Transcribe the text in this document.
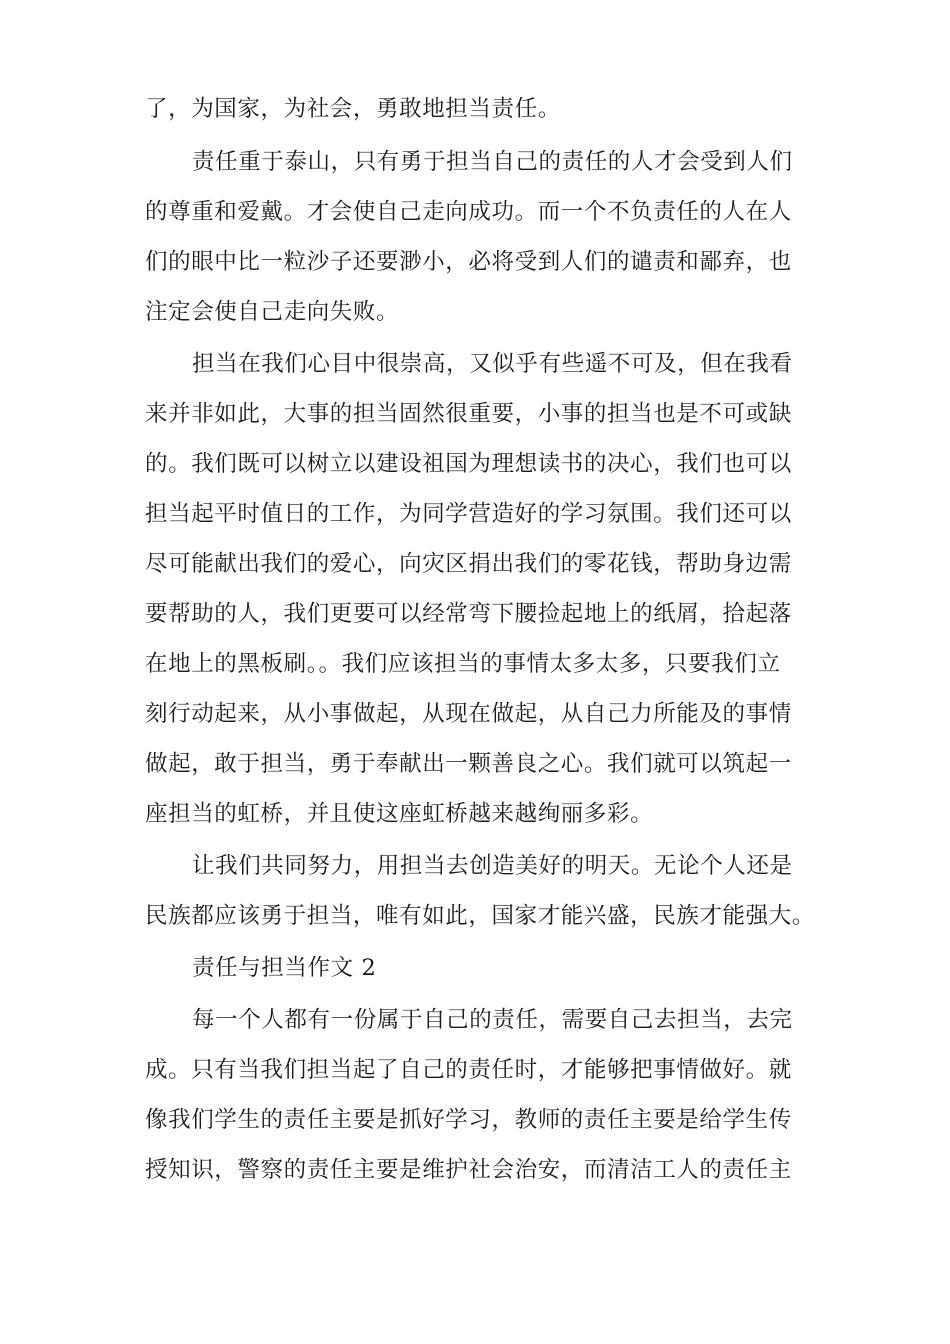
了，为国家，为社会，勇敢地担当责任。
责任重于泰山，只有勇于担当自己的责任的人才会受到人们
的尊重和爱戴。才会使自己走向成功。而一个不负责任的人在人
们的眼中比一粒沙子还要渺小，必将受到人们的谴责和鄙弃，也
注定会使自己走向失败。
担当在我们心目中很崇高，又似乎有些遥不可及，但在我看
来并非如此，大事的担当固然很重要，小事的担当也是不可或缺
的。我们既可以树立以建设祖国为理想读书的决心，我们也可以
担当起平时值日的工作，为同学营造好的学习氛围。我们还可以
尽可能献出我们的爱心，向灾区捐出我们的零花钱，帮助身边需
要帮助的人，我们更要可以经常弯下腰捡起地上的纸屑，拾起落
在地上的黑板刷。。我们应该担当的事情太多太多，只要我们立
刻行动起来，从小事做起，从现在做起，从自己力所能及的事情
做起，敢于担当，勇于奉献出一颗善良之心。我们就可以筑起一
座担当的虹桥，并且使这座虹桥越来越绚丽多彩。
让我们共同努力，用担当去创造美好的明天。无论个人还是
民族都应该勇于担当，唯有如此，国家才能兴盛，民族才能强大。
责任与担当作文 2
每一个人都有一份属于自己的责任，需要自己去担当，去完
成。只有当我们担当起了自己的责任时，才能够把事情做好。就
像我们学生的责任主要是抓好学习，教师的责任主要是给学生传
授知识，警察的责任主要是维护社会治安，而清洁工人的责任主
